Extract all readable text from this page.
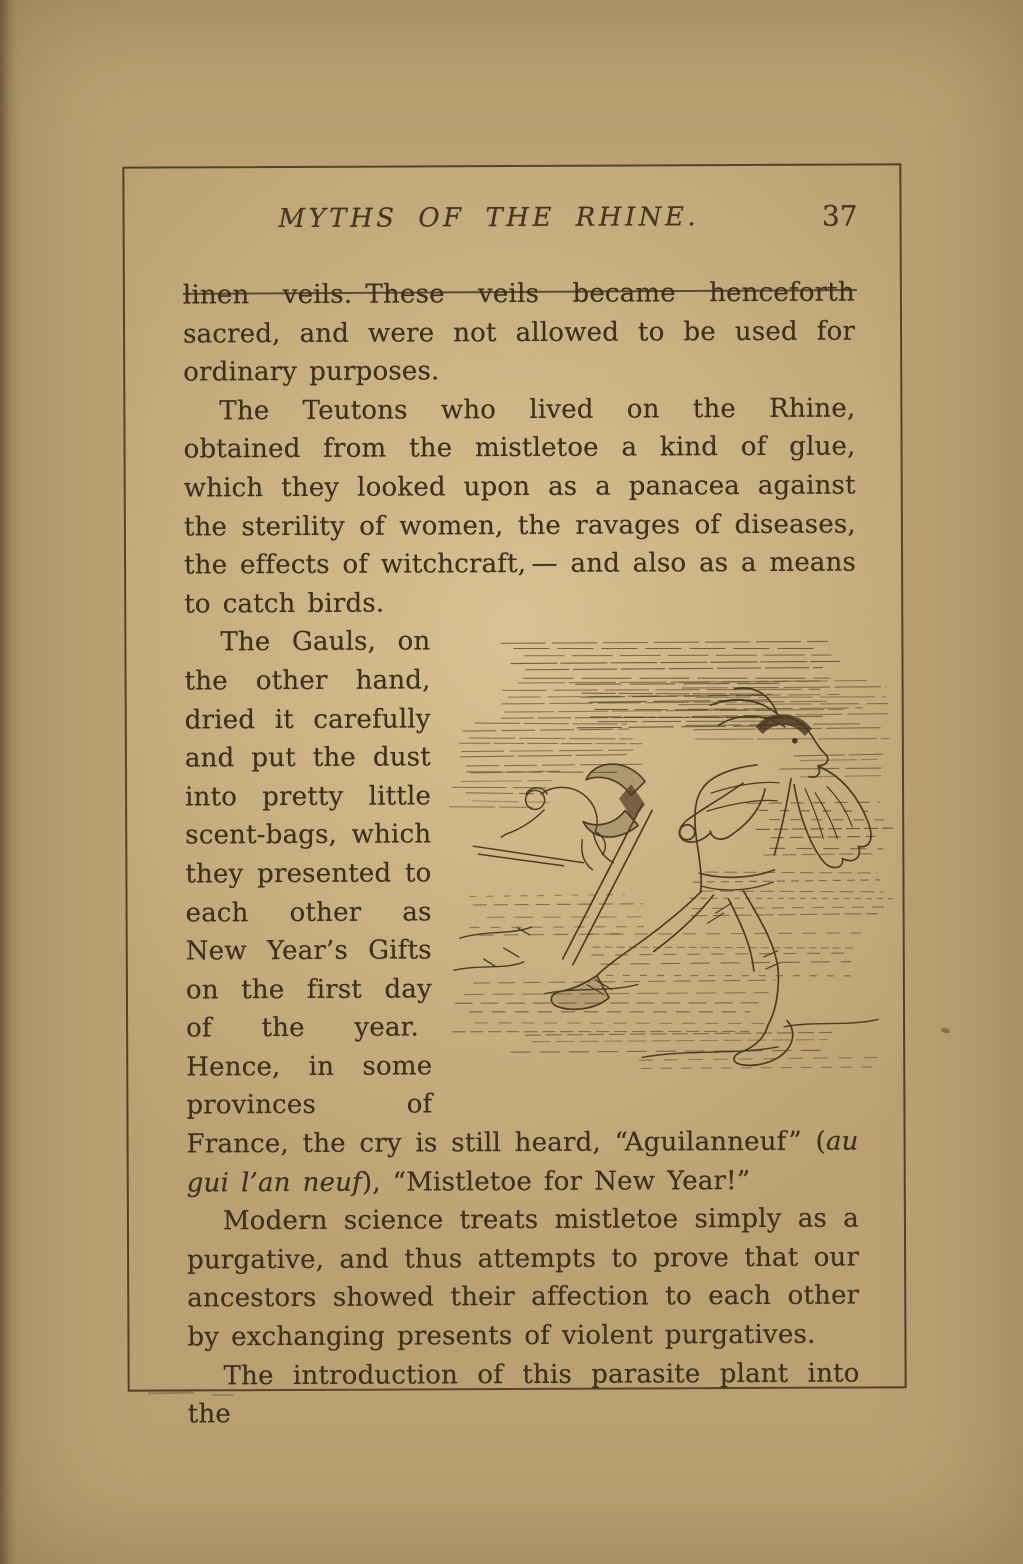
MYTHS OF THE RHINE.	37

linen veils. These veils became henceforth sacred, and were not allowed to be used for ordinary purposes.

The Teutons who lived on the Rhine, obtained from the mistletoe a kind of glue, which they looked upon as a panacea against the sterility of women, the ravages of diseases, the effects of witchcraft, — and also as a means to catch birds.

The Gauls, on the other hand, dried it carefully and put the dust into pretty little scent-bags, which they presented to each other as New Year’s Gifts on the first day of the year. Hence, in some provinces of France, the cry is still heard, “Aguilanneuf” (au gui l’an neuf), “Mistletoe for New Year!”

Modern science treats mistletoe simply as a purgative, and thus attempts to prove that our ancestors showed their affection to each other by exchanging presents of violent purgatives.

The introduction of this parasite plant into the
